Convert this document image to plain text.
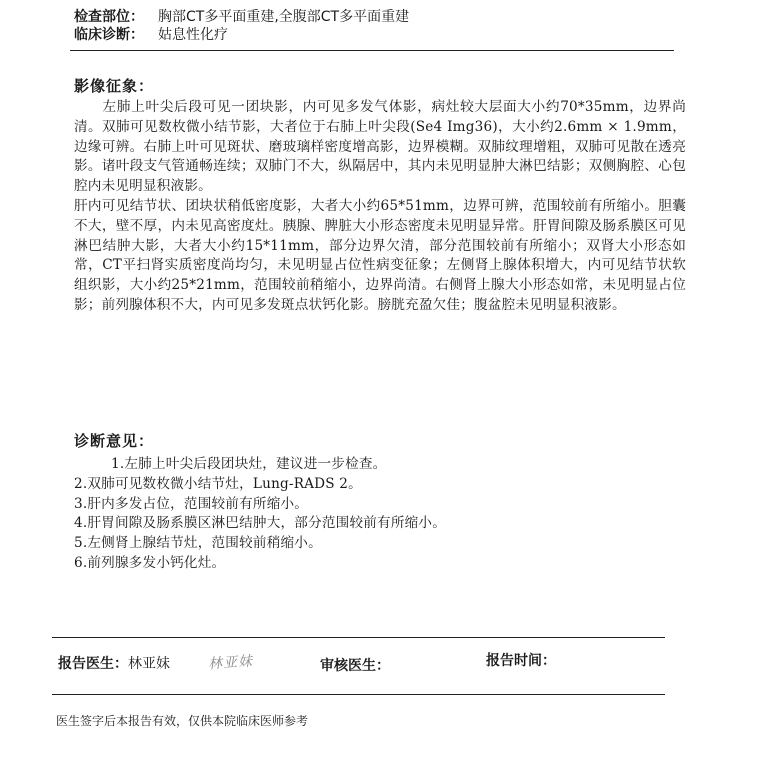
检查部位： 胸部CT多平面重建,全腹部CT多平面重建
临床诊断： 姑息性化疗
影像征象：

左肺上叶尖后段可见一团块影，内可见多发气体影，病灶较大层面大小约70*35mm，边界尚清。双肺可见数枚微小结节影，大者位于右肺上叶尖段(Se4 Img36)，大小约2.6mm × 1.9mm，边缘可辨。右肺上叶可见斑状、磨玻璃样密度增高影，边界模糊。双肺纹理增粗，双肺可见散在透亮影。诸叶段支气管通畅连续；双肺门不大，纵隔居中，其内未见明显肿大淋巴结影；双侧胸腔、心包腔内未见明显积液影。

肝内可见结节状、团块状稍低密度影，大者大小约65*51mm，边界可辨，范围较前有所缩小。胆囊不大，壁不厚，内未见高密度灶。胰腺、脾脏大小形态密度未见明显异常。肝胃间隙及肠系膜区可见淋巴结肿大影，大者大小约15*11mm，部分边界欠清，部分范围较前有所缩小；双肾大小形态如常，CT平扫肾实质密度尚均匀，未见明显占位性病变征象；左侧肾上腺体积增大，内可见结节状软组织影，大小约25*21mm，范围较前稍缩小，边界尚清。右侧肾上腺大小形态如常，未见明显占位影；前列腺体积不大，内可见多发斑点状钙化影。膀胱充盈欠佳；腹盆腔未见明显积液影。

诊断意见：
1.左肺上叶尖后段团块灶，建议进一步检查。
2.双肺可见数枚微小结节灶，Lung-RADS 2。
3.肝内多发占位，范围较前有所缩小。
4.肝胃间隙及肠系膜区淋巴结肿大，部分范围较前有所缩小。
5.左侧肾上腺结节灶，范围较前稍缩小。
6.前列腺多发小钙化灶。
报告医生：林亚妹	林亚妹	审核医生：	报告时间：
医生签字后本报告有效，仅供本院临床医师参考
